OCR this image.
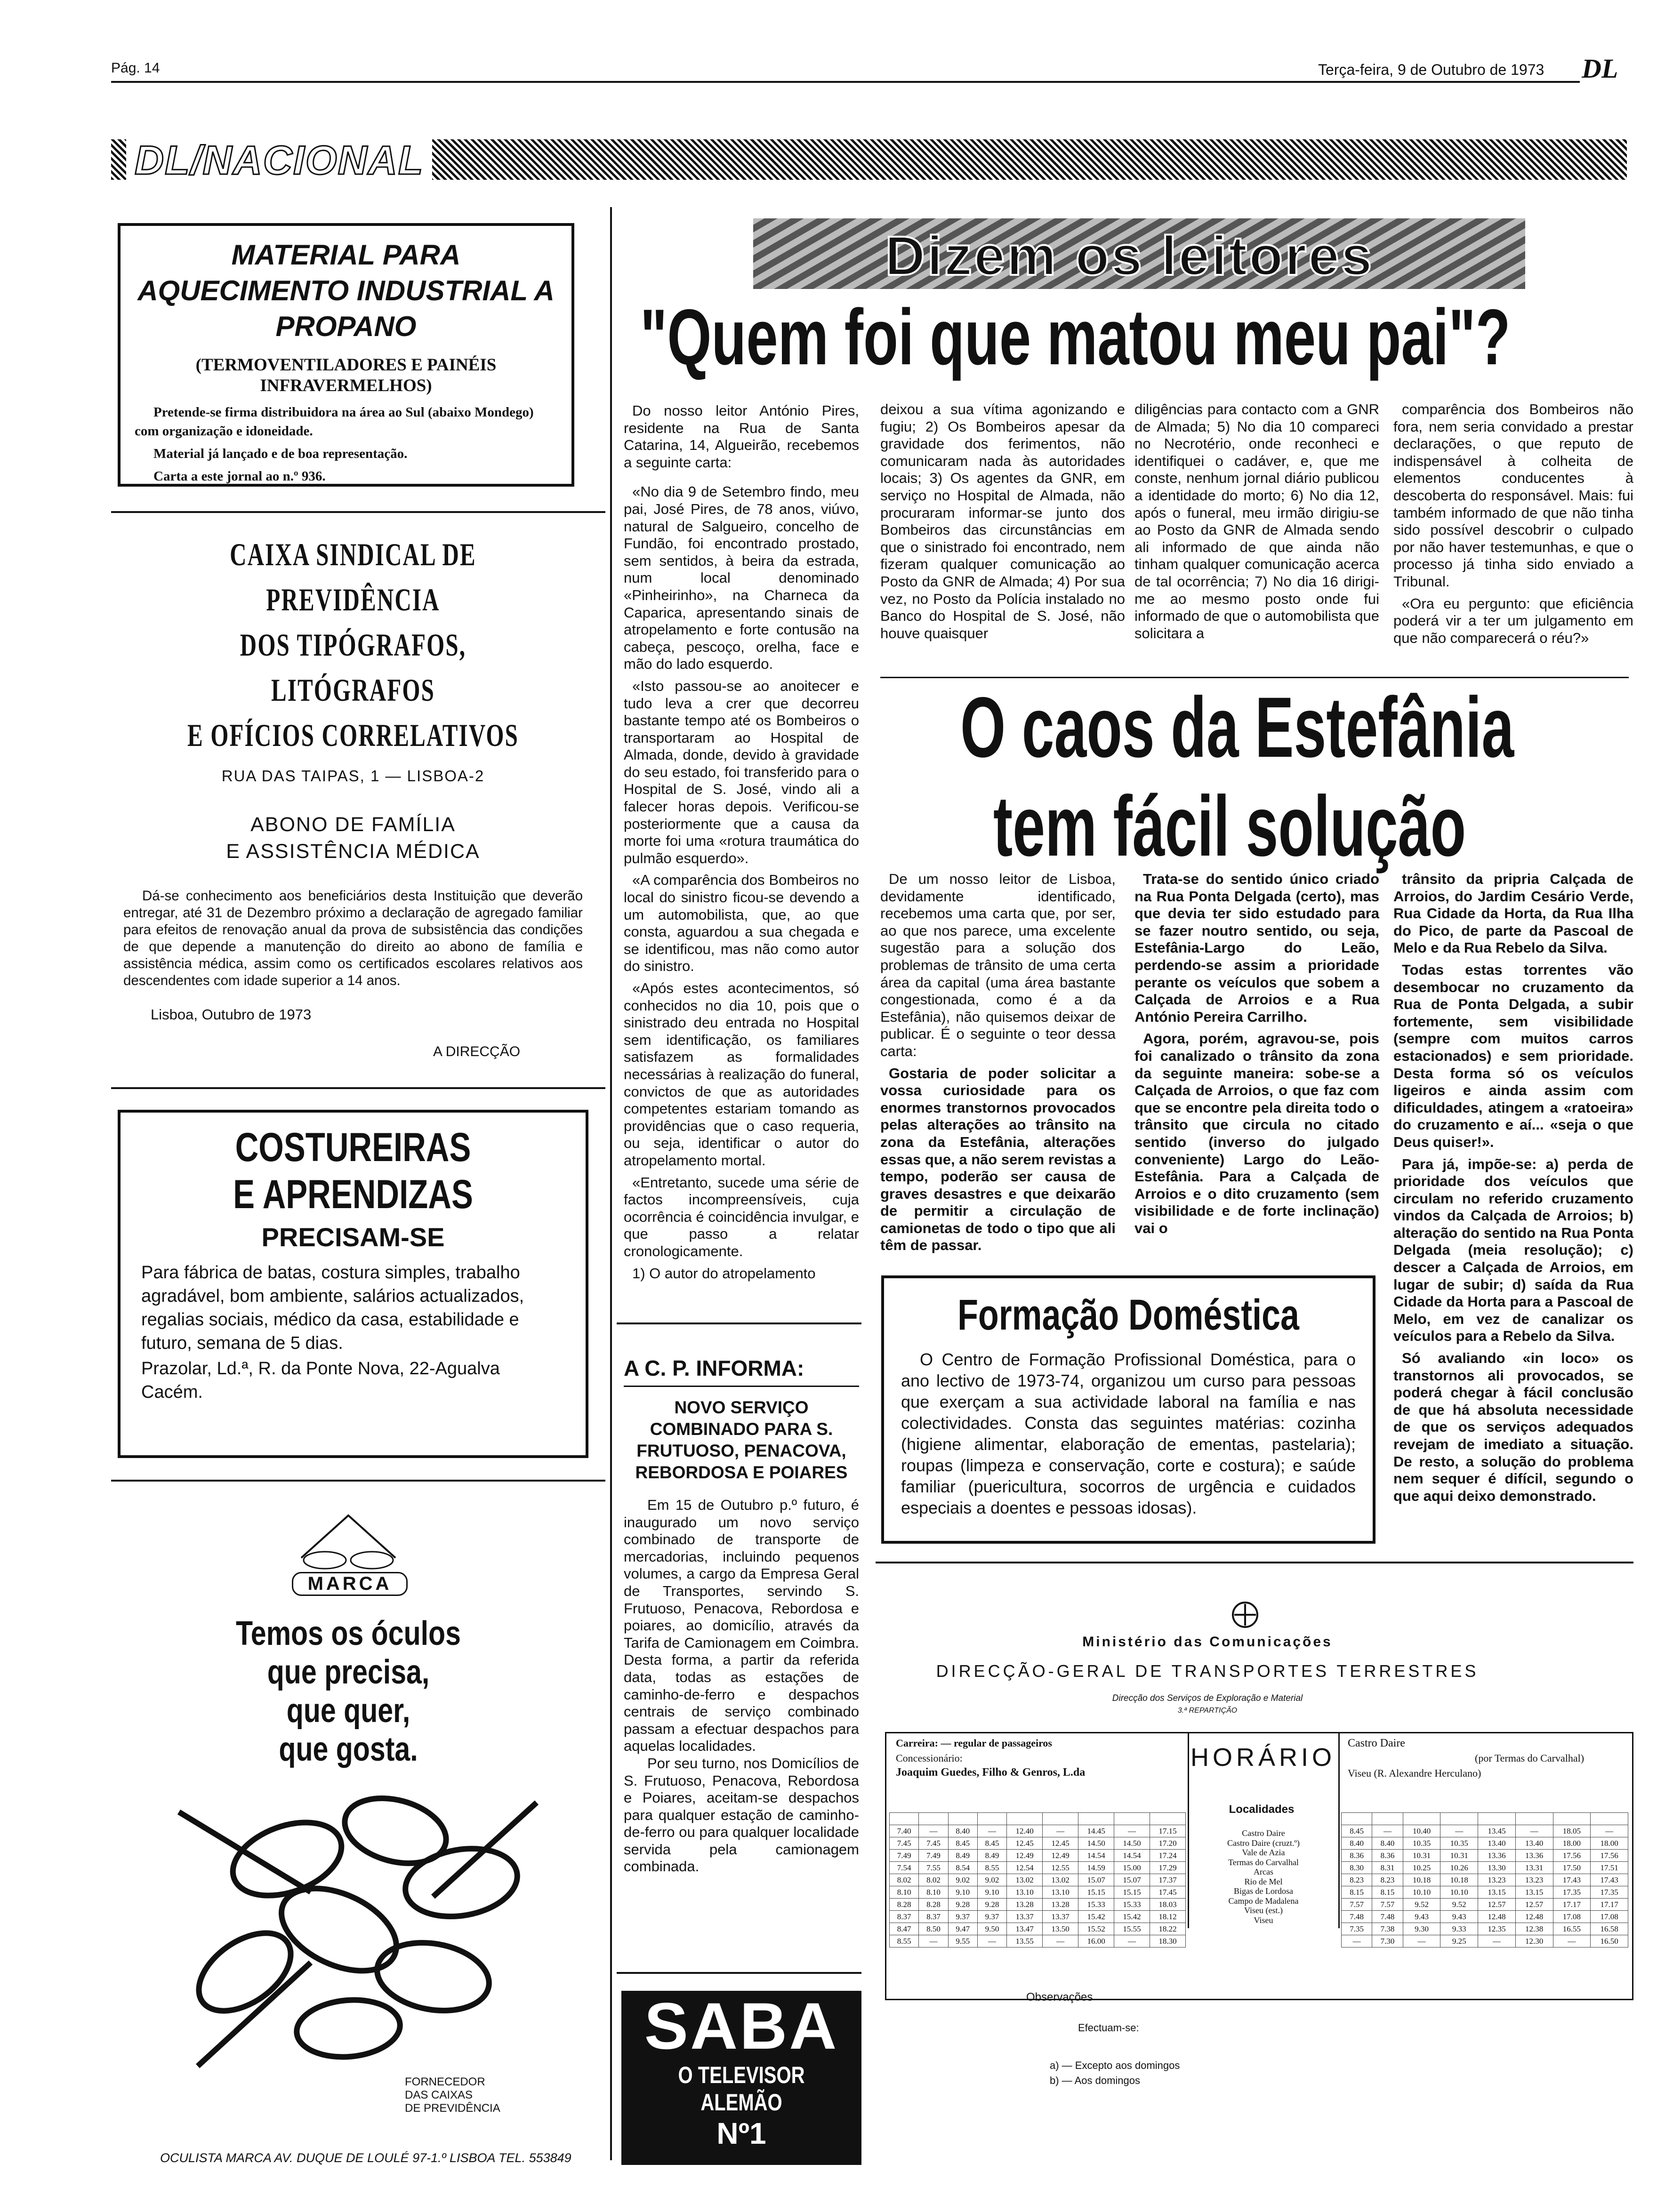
Pág. 14	Terça-feira, 9 de Outubro de 1973 DL
DL/NACIONAL
MATERIAL PARA AQUECIMENTO INDUSTRIAL A PROPANO
(TERMOVENTILADORES E PAINÉIS INFRAVERMELHOS)
Pretende-se firma distribuidora na área ao Sul (abaixo Mondego) com organização e idoneidade.
Material já lançado e de boa representação.
Carta a este jornal ao n.º 936.
CAIXA SINDICAL DE PREVIDÊNCIA
DOS TIPÓGRAFOS, LITÓGRAFOS
E OFÍCIOS CORRELATIVOS
RUA DAS TAIPAS, 1 — LISBOA-2
ABONO DE FAMÍLIA
E ASSISTÊNCIA MÉDICA
Dá-se conhecimento aos beneficiários desta Instituição que deverão entregar, até 31 de Dezembro próximo a declaração de agregado familiar para efeitos de renovação anual da prova de subsistência das condições de que depende a manutenção do direito ao abono de família e assistência médica, assim como os certificados escolares relativos aos descendentes com idade superior a 14 anos.
Lisboa, Outubro de 1973
A DIRECÇÃO
COSTUREIRAS
E APRENDIZAS
PRECISAM-SE
Para fábrica de batas, costura simples, trabalho agradável, bom ambiente, salários actualizados, regalias sociais, médico da casa, estabilidade e futuro, semana de 5 dias.
Prazolar, Ld.ª, R. da Ponte Nova, 22-Agualva Cacém.
MARCA
Temos os óculos
que precisa,
que quer,
que gosta.
FORNECEDOR
DAS CAIXAS
DE PREVIDÊNCIA
OCULISTA MARCA AV. DUQUE DE LOULÉ 97-1.º LISBOA TEL. 553849
Dizem os leitores
"Quem foi que matou meu pai"?

Do nosso leitor António Pires, residente na Rua de Santa Catarina, 14, Algueirão, recebemos a seguinte carta:

«No dia 9 de Setembro findo, meu pai, José Pires, de 78 anos, viúvo, natural de Salgueiro, concelho de Fundão, foi encontrado prostado, sem sentidos, à beira da estrada, num local denominado «Pinheirinho», na Charneca da Caparica, apresentando sinais de atropelamento e forte contusão na cabeça, pescoço, orelha, face e mão do lado esquerdo.

«Isto passou-se ao anoitecer e tudo leva a crer que decorreu bastante tempo até os Bombeiros o transportaram ao Hospital de Almada, donde, devido à gravidade do seu estado, foi transferido para o Hospital de S. José, vindo ali a falecer horas depois. Verificou-se posteriormente que a causa da morte foi uma «rotura traumática do pulmão esquerdo».

«A comparência dos Bombeiros no local do sinistro ficou-se devendo a um automobilista, que, ao que consta, aguardou a sua chegada e se identificou, mas não como autor do sinistro.

«Após estes acontecimentos, só conhecidos no dia 10, pois que o sinistrado deu entrada no Hospital sem identificação, os familiares satisfazem as formalidades necessárias à realização do funeral, convictos de que as autoridades competentes estariam tomando as providências que o caso requeria, ou seja, identificar o autor do atropelamento mortal.

«Entretanto, sucede uma série de factos incompreensíveis, cuja ocorrência é coincidência invulgar, e que passo a relatar cronologicamente.

1) O autor do atropelamento

deixou a sua vítima agonizando e fugiu; 2) Os Bombeiros apesar da gravidade dos ferimentos, não comunicaram nada às autoridades locais; 3) Os agentes da GNR, em serviço no Hospital de Almada, não procuraram informar-se junto dos Bombeiros das circunstâncias em que o sinistrado foi encontrado, nem fizeram qualquer comunicação ao Posto da GNR de Almada; 4) Por sua vez, no Posto da Polícia instalado no Banco do Hospital de S. José, não houve quaisquer
diligências para contacto com a GNR de Almada; 5) No dia 10 compareci no Necrotério, onde reconheci e identifiquei o cadáver, e, que me conste, nenhum jornal diário publicou a identidade do morto; 6) No dia 12, após o funeral, meu irmão dirigiu-se ao Posto da GNR de Almada sendo ali informado de que ainda não tinham qualquer comunicação acerca de tal ocorrência; 7) No dia 16 dirigi-me ao mesmo posto onde fui informado de que o automobilista que solicitara a

comparência dos Bombeiros não fora, nem seria convidado a prestar declarações, o que reputo de indispensável à colheita de elementos conducentes à descoberta do responsável. Mais: fui também informado de que não tinha sido possível descobrir o culpado por não haver testemunhas, e que o processo já tinha sido enviado a Tribunal.

«Ora eu pergunto: que eficiência poderá vir a ter um julgamento em que não comparecerá o réu?»

A C. P. INFORMA:
NOVO SERVIÇO COMBINADO PARA S. FRUTUOSO, PENACOVA, REBORDOSA E POIARES
Em 15 de Outubro p.º futuro, é inaugurado um novo serviço combinado de transporte de mercadorias, incluindo pequenos volumes, a cargo da Empresa Geral de Transportes, servindo S. Frutuoso, Penacova, Rebordosa e poiares, ao domicílio, através da Tarifa de Camionagem em Coimbra. Desta forma, a partir da referida data, todas as estações de caminho-de-ferro e despachos centrais de serviço combinado passam a efectuar despachos para aquelas localidades.
Por seu turno, nos Domicílios de S. Frutuoso, Penacova, Rebordosa e Poiares, aceitam-se despachos para qualquer estação de caminho-de-ferro ou para qualquer localidade servida pela camionagem combinada.
SABA
O TELEVISOR ALEMÃO
Nº1
O caos da Estefânia
tem fácil solução

De um nosso leitor de Lisboa, devidamente identificado, recebemos uma carta que, por ser, ao que nos parece, uma excelente sugestão para a solução dos problemas de trânsito de uma certa área da capital (uma área bastante congestionada, como é a da Estefânia), não quisemos deixar de publicar. É o seguinte o teor dessa carta:

Gostaria de poder solicitar a vossa curiosidade para os enormes transtornos provocados pelas alterações ao trânsito na zona da Estefânia, alterações essas que, a não serem revistas a tempo, poderão ser causa de graves desastres e que deixarão de permitir a circulação de camionetas de todo o tipo que ali têm de passar.

Trata-se do sentido único criado na Rua Ponta Delgada (certo), mas que devia ter sido estudado para se fazer noutro sentido, ou seja, Estefânia-Largo do Leão, perdendo-se assim a prioridade perante os veículos que sobem a Calçada de Arroios e a Rua António Pereira Carrilho.

Agora, porém, agravou-se, pois foi canalizado o trânsito da zona da seguinte maneira: sobe-se a Calçada de Arroios, o que faz com que se encontre pela direita todo o trânsito que circula no citado sentido (inverso do julgado conveniente) Largo do Leão-Estefânia. Para a Calçada de Arroios e o dito cruzamento (sem visibilidade e de forte inclinação) vai o

trânsito da pripria Calçada de Arroios, do Jardim Cesário Verde, Rua Cidade da Horta, da Rua Ilha do Pico, de parte da Pascoal de Melo e da Rua Rebelo da Silva.

Todas estas torrentes vão desembocar no cruzamento da Rua de Ponta Delgada, a subir fortemente, sem visibilidade (sempre com muitos carros estacionados) e sem prioridade. Desta forma só os veículos ligeiros e ainda assim com dificuldades, atingem a «ratoeira» do cruzamento e aí... «seja o que Deus quiser!».

Para já, impõe-se: a) perda de prioridade dos veículos que circulam no referido cruzamento vindos da Calçada de Arroios; b) alteração do sentido na Rua Ponta Delgada (meia resolução); c) descer a Calçada de Arroios, em lugar de subir; d) saída da Rua Cidade da Horta para a Pascoal de Melo, em vez de canalizar os veículos para a Rebelo da Silva.

Só avaliando «in loco» os transtornos ali provocados, se poderá chegar à fácil conclusão de que há absoluta necessidade de que os serviços adequados revejam de imediato a situação. De resto, a solução do problema nem sequer é difícil, segundo o que aqui deixo demonstrado.

Formação Doméstica
O Centro de Formação Profissional Doméstica, para o ano lectivo de 1973-74, organizou um curso para pessoas que exerçam a sua actividade laboral na família e nas colectividades. Consta das seguintes matérias: cozinha (higiene alimentar, elaboração de ementas, pastelaria); roupas (limpeza e conservação, corte e costura); e saúde familiar (puericultura, socorros de urgência e cuidados especiais a doentes e pessoas idosas).
Ministério das Comunicações
DIRECÇÃO-GERAL DE TRANSPORTES TERRESTRES
Direcção dos Serviços de Exploração e Material
3.ª REPARTIÇÃO
Carreira: — regular de passageiros
Concessionário:
Joaquim Guedes, Filho & Genros, L.da
HORÁRIO
Localidades
Castro Daire
(por Termas do Carvalhal)
Viseu (R. Alexandre Herculano)

7.40	—	8.40	—	12.40	—	14.45	—	17.15
7.45	7.45	8.45	8.45	12.45	12.45	14.50	14.50	17.20
7.49	7.49	8.49	8.49	12.49	12.49	14.54	14.54	17.24
7.54	7.55	8.54	8.55	12.54	12.55	14.59	15.00	17.29
8.02	8.02	9.02	9.02	13.02	13.02	15.07	15.07	17.37
8.10	8.10	9.10	9.10	13.10	13.10	15.15	15.15	17.45
8.28	8.28	9.28	9.28	13.28	13.28	15.33	15.33	18.03
8.37	8.37	9.37	9.37	13.37	13.37	15.42	15.42	18.12
8.47	8.50	9.47	9.50	13.47	13.50	15.52	15.55	18.22
8.55	—	9.55	—	13.55	—	16.00	—	18.30
Castro Daire
Castro Daire (cruzt.º)
Vale de Azia
Termas do Carvalhal
Arcas
Rio de Mel
Bigas de Lordosa
Campo de Madalena
Viseu (est.)
Viseu

8.45	—	10.40	—	13.45	—	18.05	—
8.40	8.40	10.35	10.35	13.40	13.40	18.00	18.00
8.36	8.36	10.31	10.31	13.36	13.36	17.56	17.56
8.30	8.31	10.25	10.26	13.30	13.31	17.50	17.51
8.23	8.23	10.18	10.18	13.23	13.23	17.43	17.43
8.15	8.15	10.10	10.10	13.15	13.15	17.35	17.35
7.57	7.57	9.52	9.52	12.57	12.57	17.17	17.17
7.48	7.48	9.43	9.43	12.48	12.48	17.08	17.08
7.35	7.38	9.30	9.33	12.35	12.38	16.55	16.58
—	7.30	—	9.25	—	12.30	—	16.50
Observações
Efectuam-se:
a) — Excepto aos domingos
b) — Aos domingos
